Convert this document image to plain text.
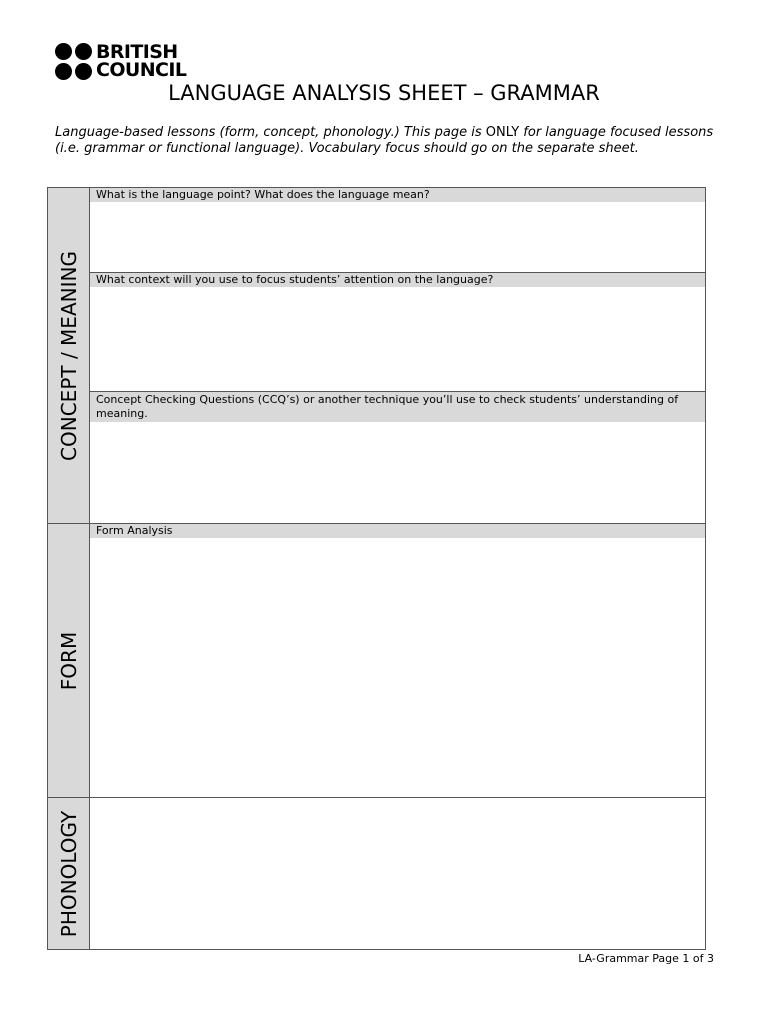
BRITISH
COUNCIL
LANGUAGE ANALYSIS SHEET – GRAMMAR
Language-based lessons (form, concept, phonology.) This page is ONLY for language focused lessons (i.e. grammar or functional language). Vocabulary focus should go on the separate sheet.
CONCEPT / MEANING
What is the language point? What does the language mean?
What context will you use to focus students’ attention on the language?
Concept Checking Questions (CCQ’s) or another technique you’ll use to check students’ understanding of meaning.
FORM
Form Analysis
PHONOLOGY
LA-Grammar Page 1 of 3
